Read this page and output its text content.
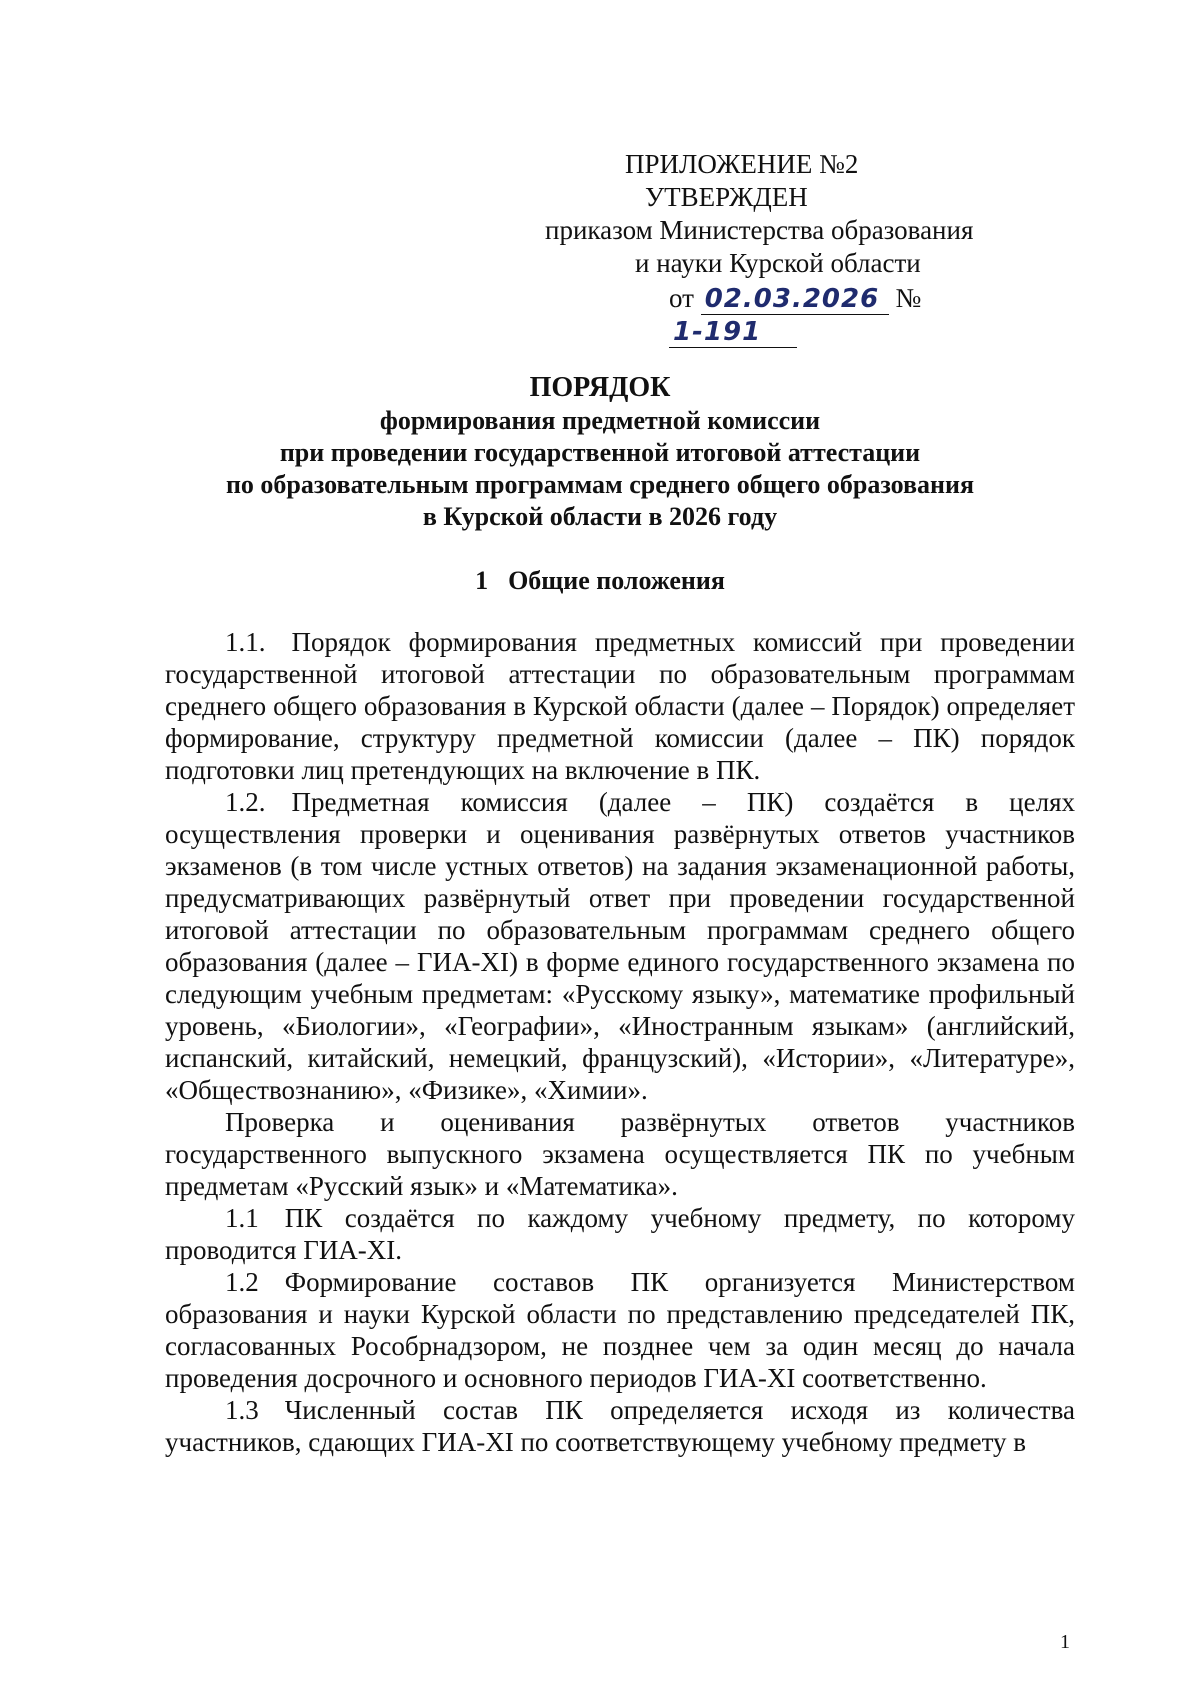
ПРИЛОЖЕНИЕ №2
УТВЕРЖДЕН
приказом Министерства образования
и науки Курской области
от 02.03.2026 № 1-191
ПОРЯДОК
формирования предметной комиссии
при проведении государственной итоговой аттестации
по образовательным программам среднего общего образования
в Курской области в 2026 году
1 Общие положения

1.1. Порядок формирования предметных комиссий при проведении государственной итоговой аттестации по образовательным программам среднего общего образования в Курской области (далее – Порядок) определяет формирование, структуру предметной комиссии (далее – ПК) порядок подготовки лиц претендующих на включение в ПК.

1.2. Предметная комиссия (далее – ПК) создаётся в целях осуществления проверки и оценивания развёрнутых ответов участников экзаменов (в том числе устных ответов) на задания экзаменационной работы, предусматривающих развёрнутый ответ при проведении государственной итоговой аттестации по образовательным программам среднего общего образования (далее – ГИА-XI) в форме единого государственного экзамена по следующим учебным предметам: «Русскому языку», математике профильный уровень, «Биологии», «Географии», «Иностранным языкам» (английский, испанский, китайский, немецкий, французский), «Истории», «Литературе», «Обществознанию», «Физике», «Химии».

Проверка и оценивания развёрнутых ответов участников государственного выпускного экзамена осуществляется ПК по учебным предметам «Русский язык» и «Математика».

1.1 ПК создаётся по каждому учебному предмету, по которому проводится ГИА-XI.

1.2 Формирование составов ПК организуется Министерством образования и науки Курской области по представлению председателей ПК, согласованных Рособрнадзором, не позднее чем за один месяц до начала проведения досрочного и основного периодов ГИА-XI соответственно.

1.3 Численный состав ПК определяется исходя из количества участников, сдающих ГИА-XI по соответствующему учебному предмету в

1
